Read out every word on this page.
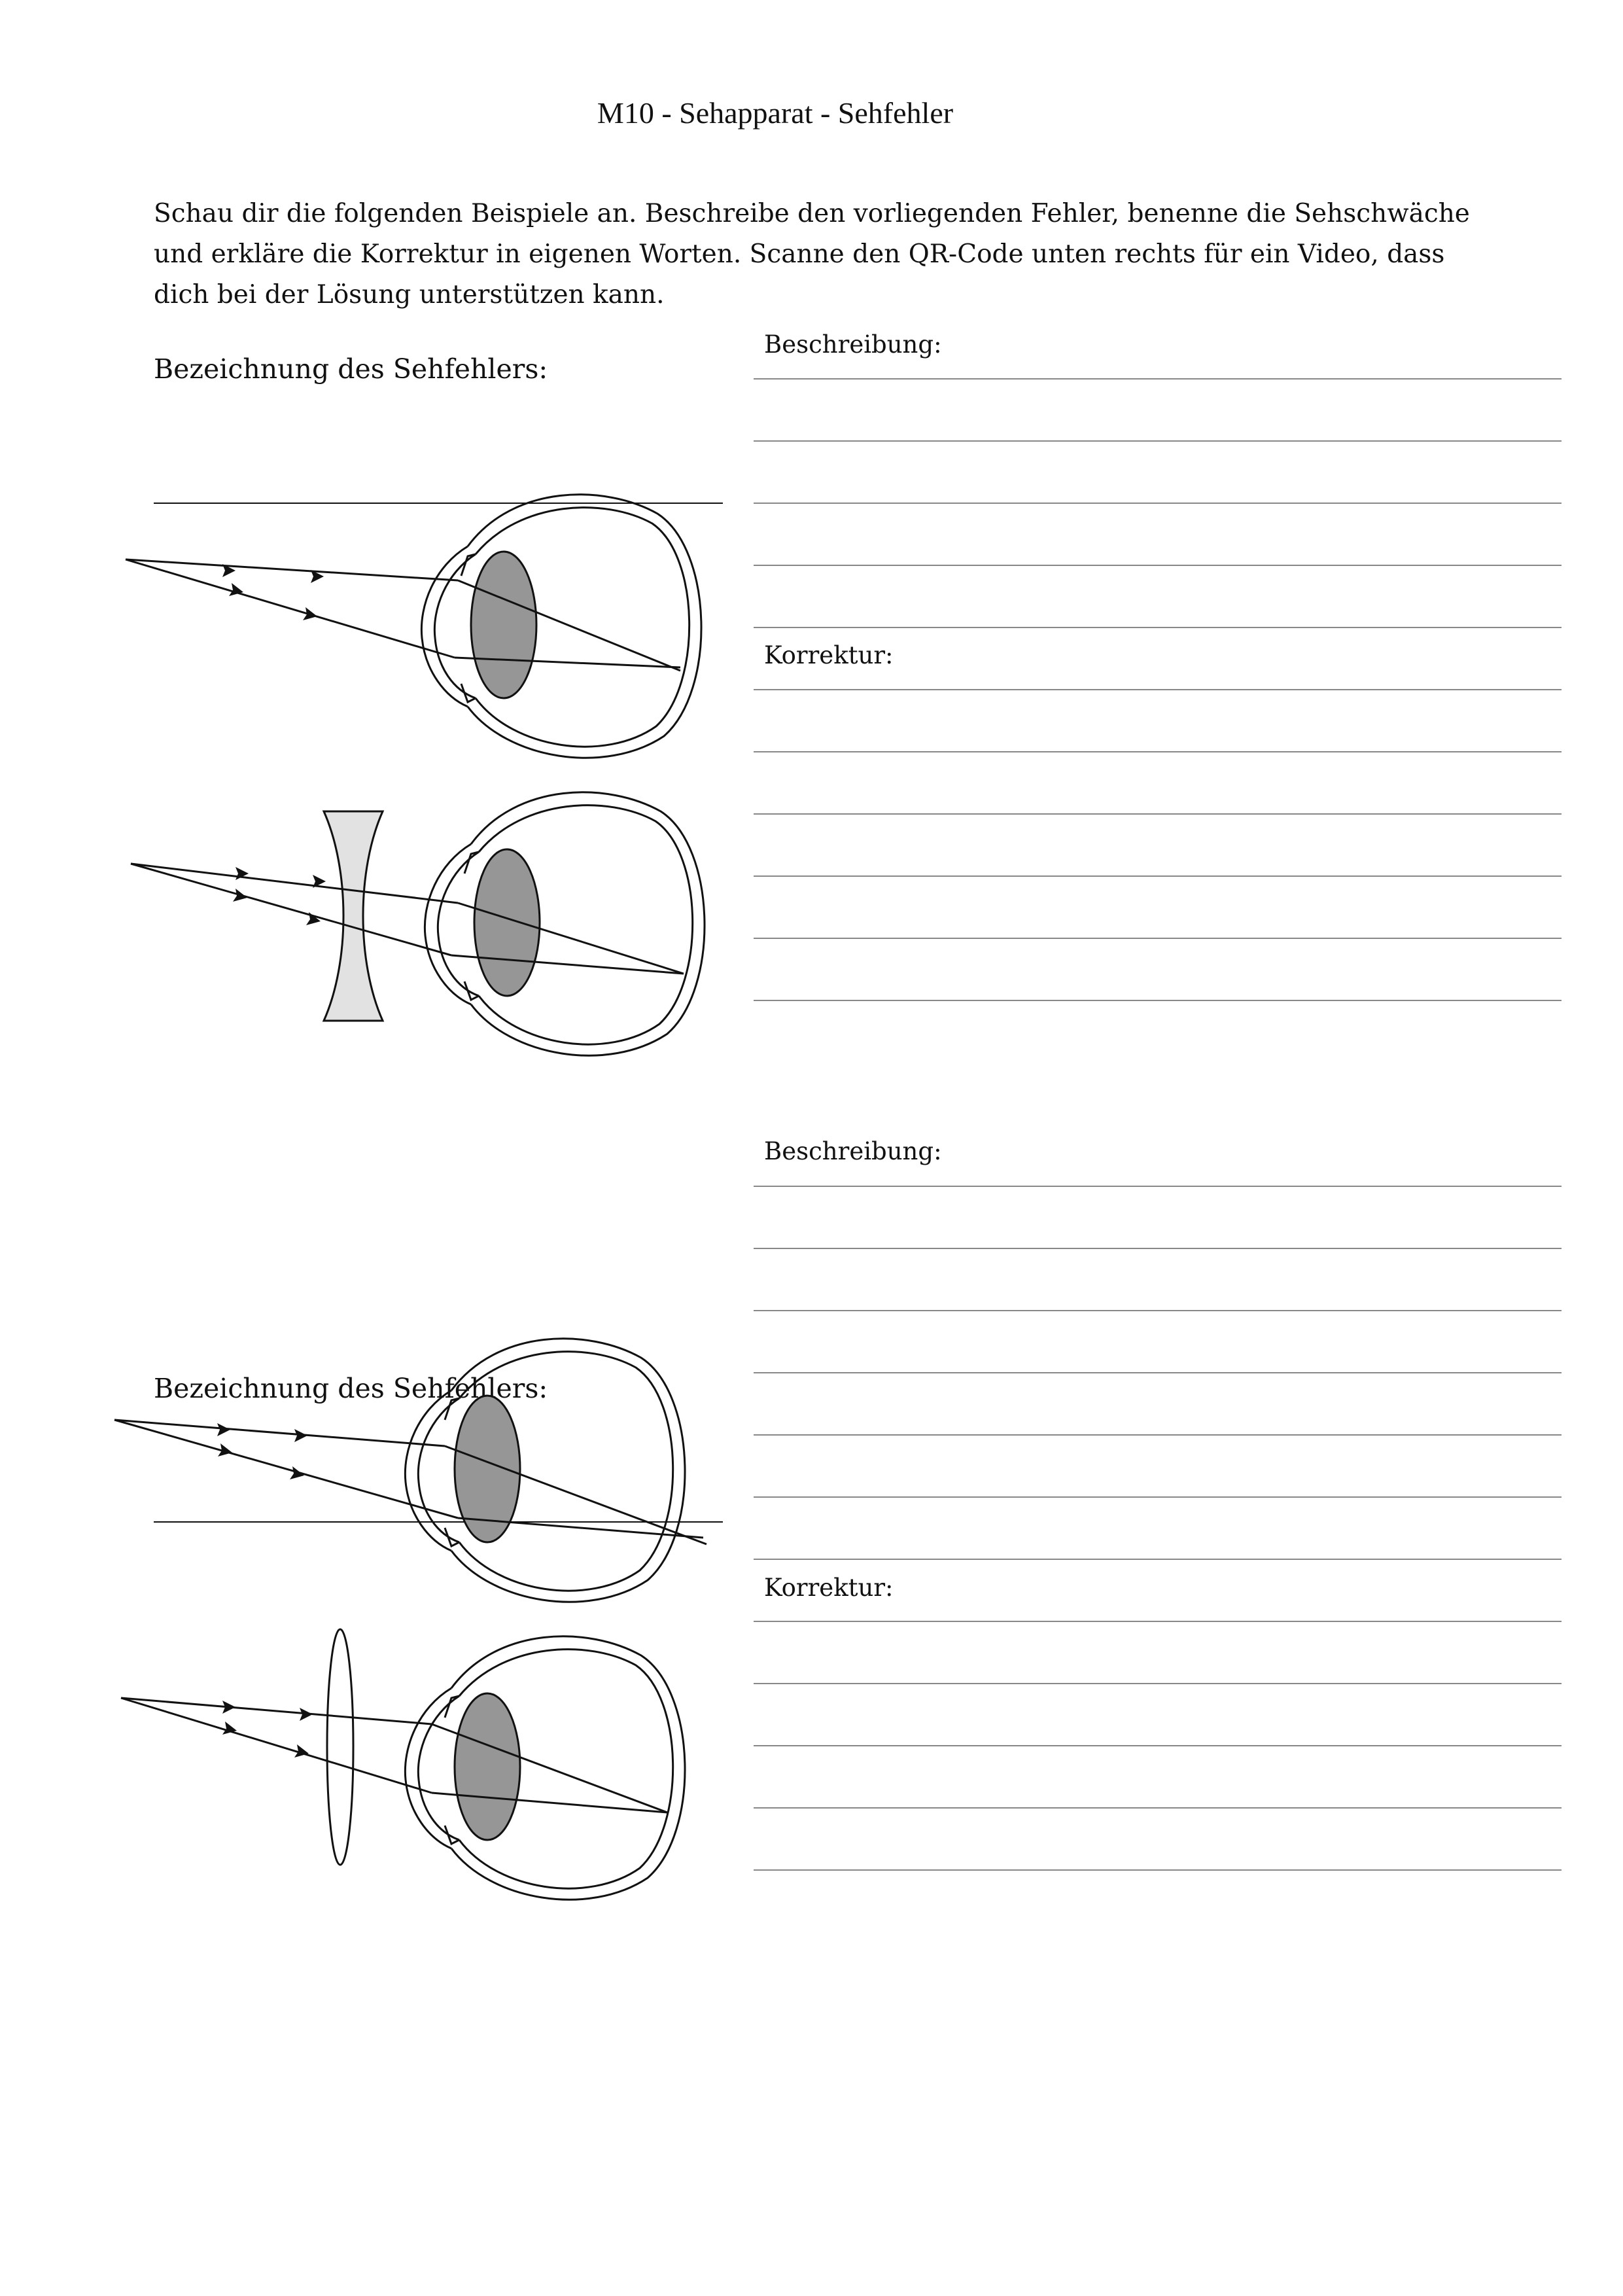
M10 - Sehapparat - Sehfehler

Schau dir die folgenden Beispiele an. Beschreibe den vorliegenden Fehler, benenne die Sehschwäche und erkläre die Korrektur in eigenen Worten. Scanne den QR-Code unten rechts für ein Video, dass dich bei der Lösung unterstützen kann.

Bezeichnung des Sehfehlers:
Beschreibung:
Korrektur:
Bezeichnung des Sehfehlers:
Beschreibung:
Korrektur:
